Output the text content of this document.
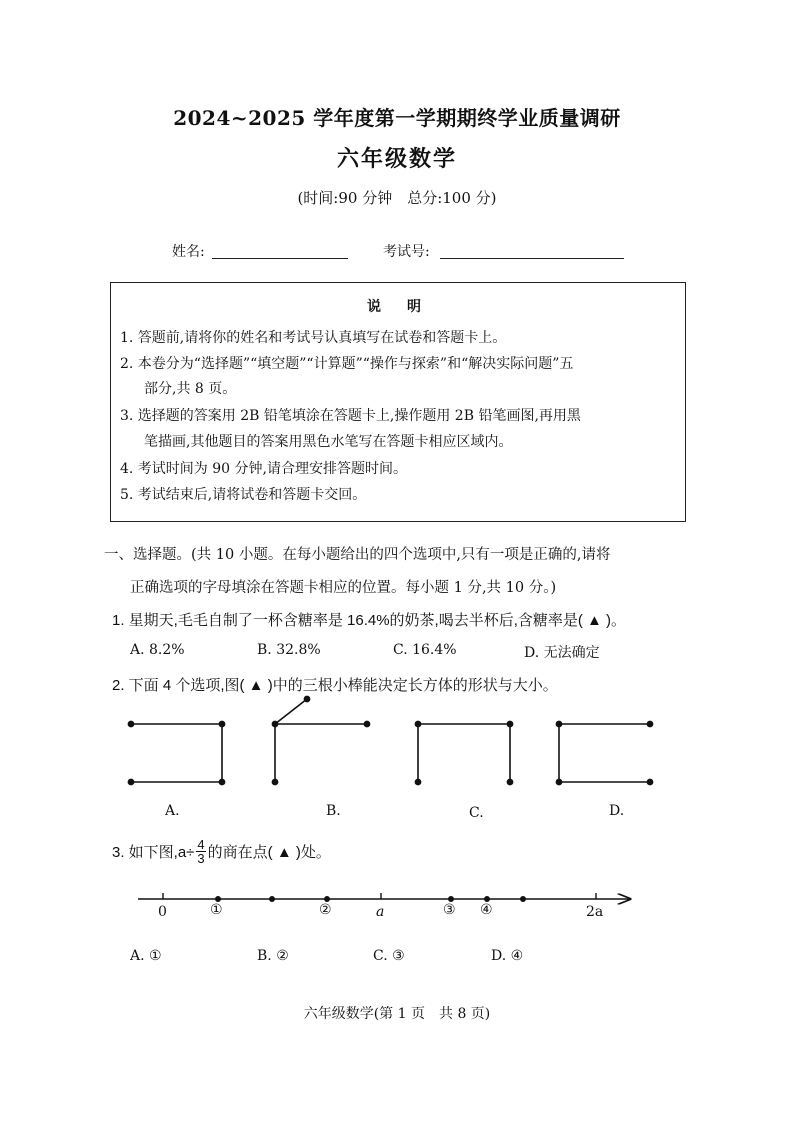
2024~2025 学年度第一学期期终学业质量调研
六年级数学
(时间:90 分钟　总分:100 分)
姓名:	考试号:
说　明
1. 答题前,请将你的姓名和考试号认真填写在试卷和答题卡上。
2. 本卷分为“选择题”“填空题”“计算题”“操作与探索”和“解决实际问题”五
部分,共 8 页。
3. 选择题的答案用 2B 铅笔填涂在答题卡上,操作题用 2B 铅笔画图,再用黑
笔描画,其他题目的答案用黑色水笔写在答题卡相应区域内。
4. 考试时间为 90 分钟,请合理安排答题时间。
5. 考试结束后,请将试卷和答题卡交回。
一、选择题。(共 10 小题。在每小题给出的四个选项中,只有一项是正确的,请将
正确选项的字母填涂在答题卡相应的位置。每小题 1 分,共 10 分。)
1. 星期天,毛毛自制了一杯含糖率是 16.4%的奶茶,喝去半杯后,含糖率是( ▲ )。
A. 8.2%	B. 32.8%	C. 16.4%	D. 无法确定
2. 下面 4 个选项,图( ▲ )中的三根小棒能决定长方体的形状与大小。
A.	B.	C.	D.
3. 如下图$,a\div \frac{4}{3}$ 的商在点( ▲ )处。
0	①	②	a	③ ④	2a
A. ①	B. ②	C. ③	D. ④
六年级数学(第 1 页　共 8 页)
